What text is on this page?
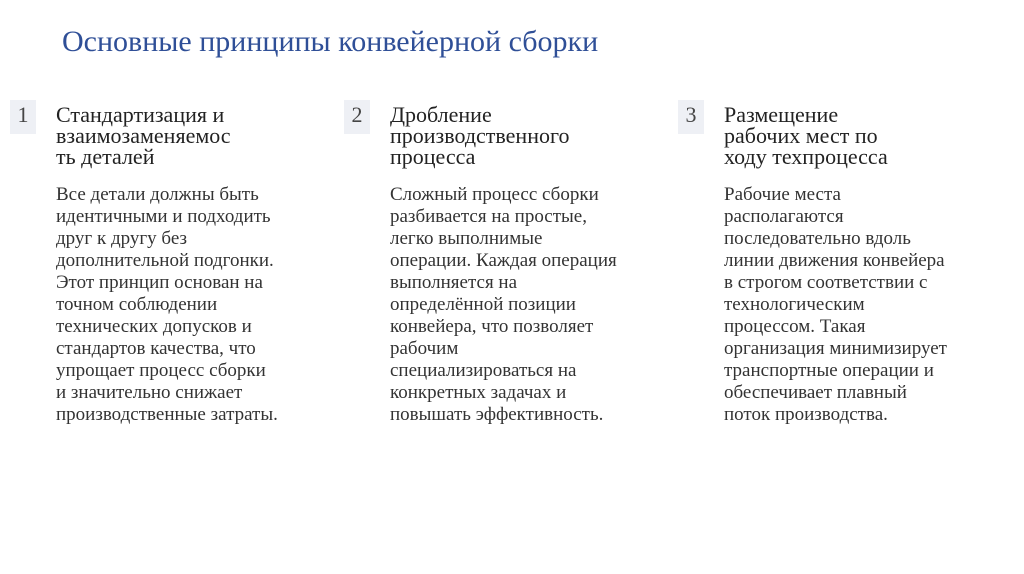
Основные принципы конвейерной сборки
1	Стандартизация и
взаимозаменяемос
ть деталей
Все детали должны быть
идентичными и подходить
друг к другу без
дополнительной подгонки.
Этот принцип основан на
точном соблюдении
технических допусков и
стандартов качества, что
упрощает процесс сборки
и значительно снижает
производственные затраты.
2	Дробление
производственного
процесса
Сложный процесс сборки
разбивается на простые,
легко выполнимые
операции. Каждая операция
выполняется на
определённой позиции
конвейера, что позволяет
рабочим
специализироваться на
конкретных задачах и
повышать эффективность.
3	Размещение
рабочих мест по
ходу техпроцесса
Рабочие места
располагаются
последовательно вдоль
линии движения конвейера
в строгом соответствии с
технологическим
процессом. Такая
организация минимизирует
транспортные операции и
обеспечивает плавный
поток производства.
